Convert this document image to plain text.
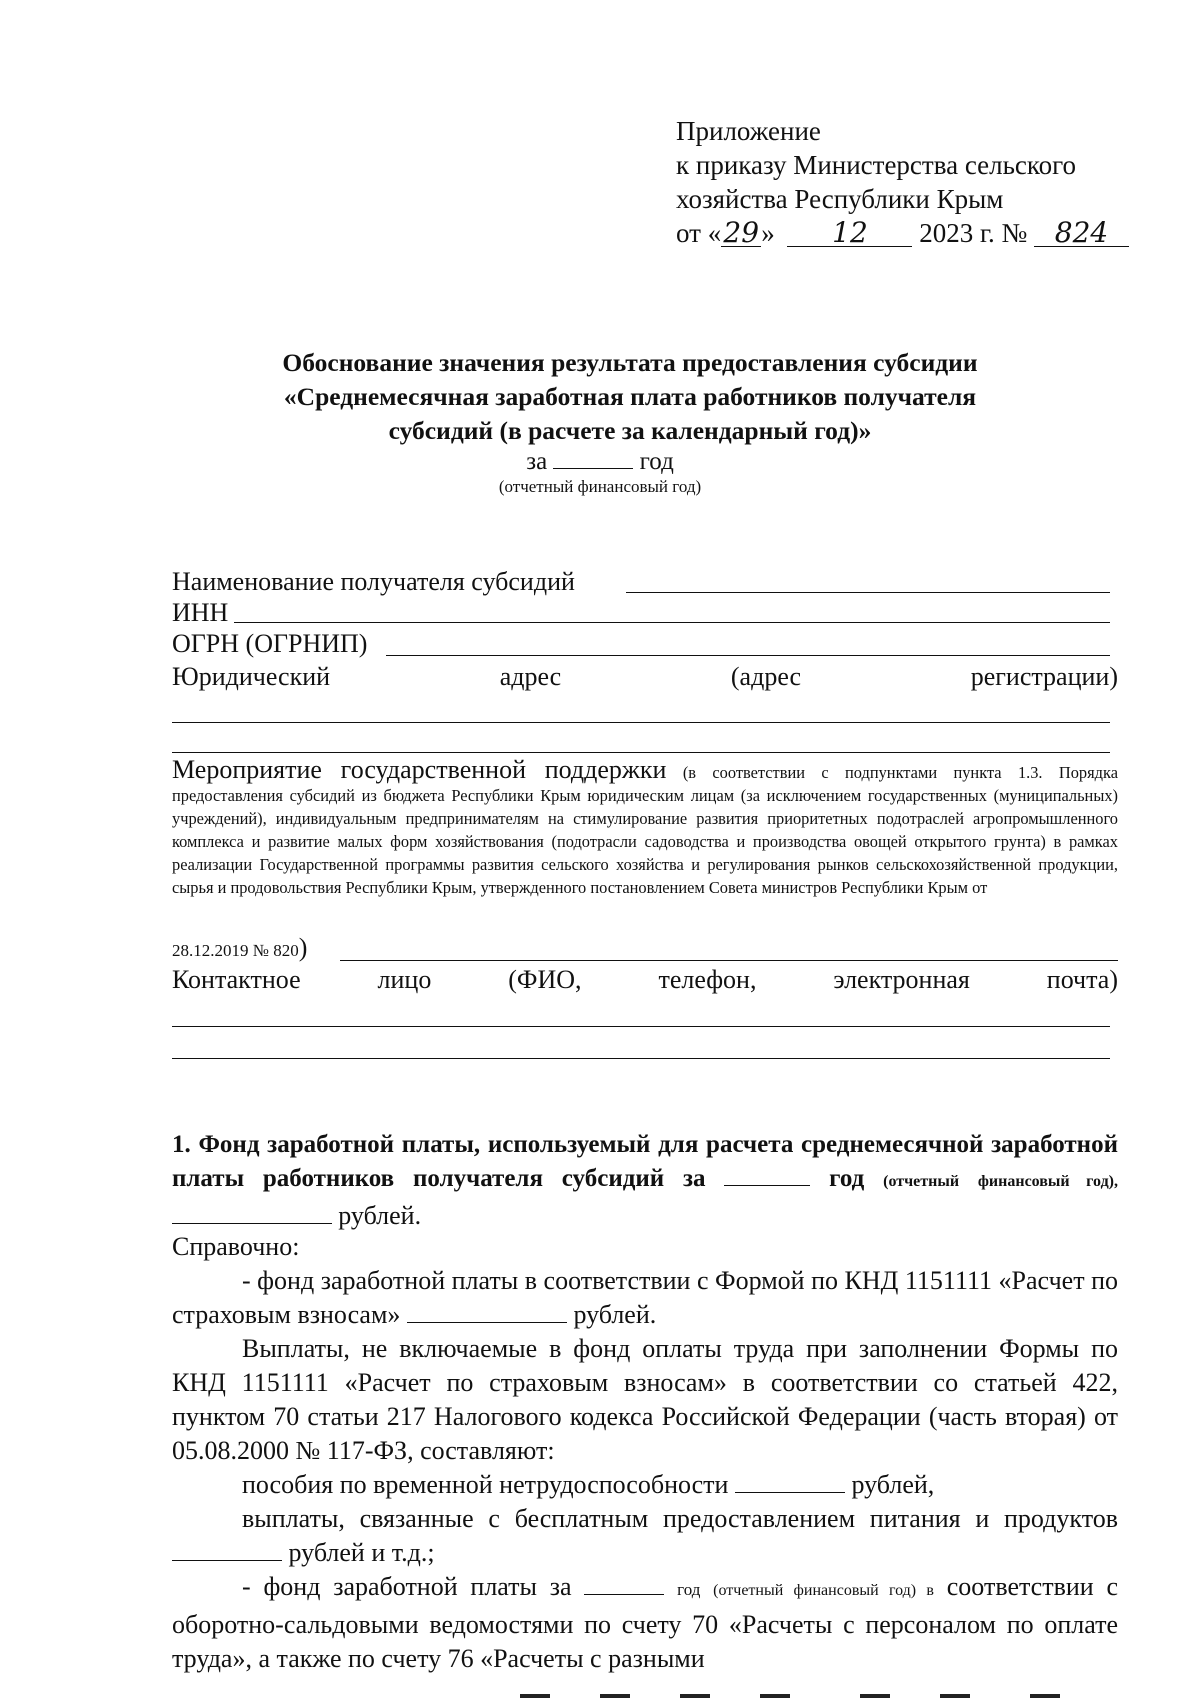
Приложение
к приказу Министерства сельского
хозяйства Республики Крым
от «29» 12 2023 г. № 824
Обоснование значения результата предоставления субсидии
«Среднемесячная заработная плата работников получателя
субсидий (в расчете за календарный год)»
за	год
(отчетный финансовый год)
Наименование получателя субсидий
ИНН
ОГРН (ОГРНИП)
Юридический	адрес	(адрес	регистрации)
Мероприятие государственной поддержки (в соответствии с подпунктами пункта 1.3. Порядка предоставления субсидий из бюджета Республики Крым юридическим лицам (за исключением государственных (муниципальных) учреждений), индивидуальным предпринимателям на стимулирование развития приоритетных подотраслей агропромышленного комплекса и развитие малых форм хозяйствования (подотрасли садоводства и производства овощей открытого грунта) в рамках реализации Государственной программы развития сельского хозяйства и регулирования рынков сельскохозяйственной продукции, сырья и продовольствия Республики Крым, утвержденного постановлением Совета министров Республики Крым от
28.12.2019 № 820)
Контактное	лицо	(ФИО,	телефон,	электронная	почта)
1. Фонд заработной платы, используемый для расчета среднемесячной заработной платы работников получателя субсидий за	год (отчетный финансовый год),  рублей.
Справочно:
- фонд заработной платы в соответствии с Формой по КНД 1151111 «Расчет по страховым взносам»	рублей.
Выплаты, не включаемые в фонд оплаты труда при заполнении Формы по КНД 1151111 «Расчет по страховым взносам» в соответствии со статьей 422, пунктом 70 статьи 217 Налогового кодекса Российской Федерации (часть вторая) от 05.08.2000 № 117-ФЗ, составляют:
пособия по временной нетрудоспособности	рублей,
выплаты, связанные с бесплатным предоставлением питания и продуктов  рублей и т.д.;
- фонд заработной платы за	год (отчетный финансовый год) в соответствии с оборотно-сальдовыми ведомостями по счету 70 «Расчеты с персоналом по оплате труда», а также по счету 76 «Расчеты с разными
